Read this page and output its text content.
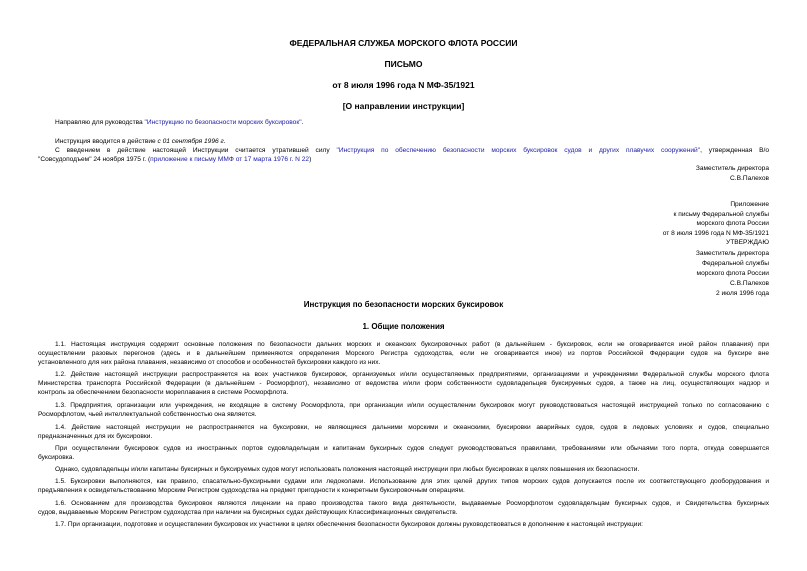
ФЕДЕРАЛЬНАЯ СЛУЖБА МОРСКОГО ФЛОТА РОССИИ
ПИСЬМО
от 8 июля 1996 года N МФ-35/1921
[О направлении инструкции]
Направляю для руководства "Инструкцию по безопасности морских буксировок".
Инструкция вводится в действие с 01 сентября 1996 г.
С введением в действие настоящей Инструкции считается утратившей силу "Инструкция по обеспечению безопасности морских буксировок судов и других плавучих сооружений", утвержденная В/о
"Совсудоподъем" 24 ноября 1975 г. (приложение к письму ММФ от 17 марта 1976 г. N 22)
Заместитель директора
С.В.Палехов
Приложение
к письму Федеральной службы
морского флота России
от 8 июля 1996 года N МФ-35/1921
УТВЕРЖДАЮ
Заместитель директора
Федеральной службы
морского флота России
С.В.Палехов
2 июля 1996 года
Инструкция по безопасности морских буксировок
1. Общие положения
1.1. Настоящая инструкция содержит основные положения по безопасности дальних морских и океанских буксировочных работ (в дальнейшем - буксировок, если не оговаривается иной район плавания) при
осуществлении разовых перегонов (здесь и в дальнейшем применяются определения Морского Регистра судоходства, если не оговаривается иное) из портов Российской Федерации судов на буксире вне
установленного для них района плавания, независимо от способов и особенностей буксировки каждого из них.
1.2. Действие настоящей инструкции распространяется на всех участников буксировок, организуемых и/или осуществляемых предприятиями, организациями и учреждениями Федеральной службы морского флота
Министерства транспорта Российской Федерации (в дальнейшем - Росморфлот), независимо от ведомства и/или форм собственности судовладельцев буксируемых судов, а также на лиц, осуществляющих надзор и
контроль за обеспечением безопасности мореплавания в системе Росморфлота.
1.3. Предприятия, организации или учреждения, не входящие в систему Росморфлота, при организации и/или осуществлении буксировок могут руководствоваться настоящей инструкцией только по согласованию с
Росморфлотом, чьей интеллектуальной собственностью она является.
1.4. Действие настоящей инструкции не распространяется на буксировки, не являющиеся дальними морскими и океанскими, буксировки аварийных судов, судов в ледовых условиях и судов, специально
предназначенных для их буксировки.
При осуществлении буксировок судов из иностранных портов судовладельцам и капитанам буксирных судов следует руководствоваться правилами, требованиями или обычаями того порта, откуда совершается
буксировка.
Однако, судовладельцы и/или капитаны буксирных и буксируемых судов могут использовать положения настоящей инструкции при любых буксировках в целях повышения их безопасности.
1.5. Буксировки выполняются, как правило, спасательно-буксирными судами или ледоколами. Использование для этих целей других типов морских судов допускается после их соответствующего дооборудования и
предъявления к освидетельствованию Морским Регистром судоходства на предмет пригодности к конкретным буксировочным операциям.
1.6. Основанием для производства буксировок являются лицензии на право производства такого вида деятельности, выдаваемые Росморфлотом судовладельцам буксирных судов, и Свидетельства буксирных
судов, выдаваемые Морским Регистром судоходства при наличии на буксирных судах действующих Классификационных свидетельств.
1.7. При организации, подготовке и осуществлении буксировок их участники в целях обеспечения безопасности буксировок должны руководствоваться в дополнение к настоящей инструкции:
